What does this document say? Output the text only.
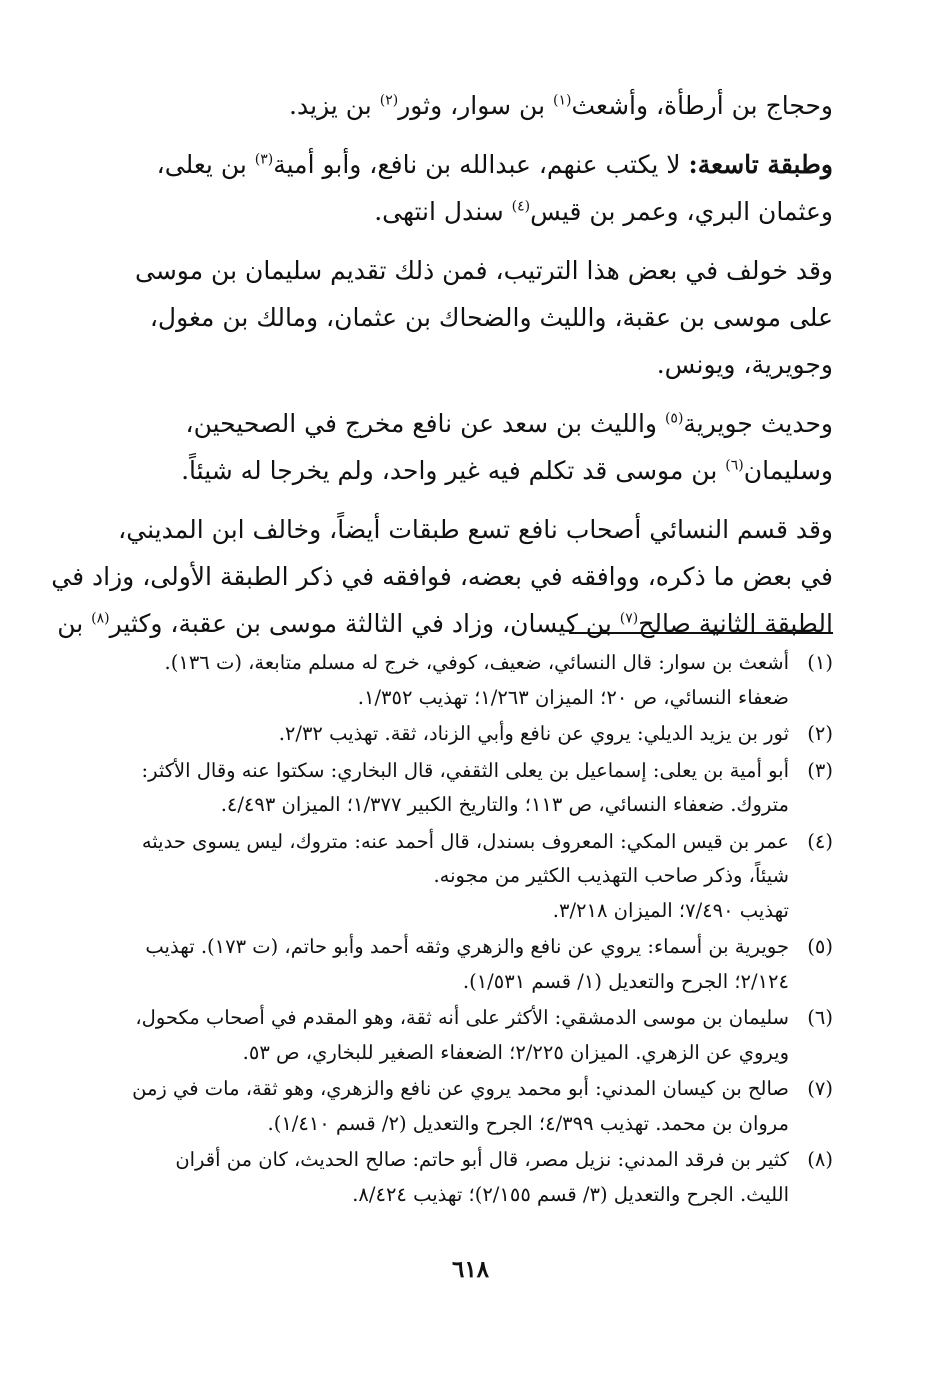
وحجاج بن أرطأة، وأشعث$^{(١)}$ بن سوار، وثور$^{(٢)}$ بن يزيد.

وطبقة تاسعة: لا يكتب عنهم، عبدالله بن نافع، وأبو أمية$^{(٣)}$ بن يعلى،
وعثمان البري، وعمر بن قيس$^{(٤)}$ سندل انتهى.

وقد خولف في بعض هذا الترتيب، فمن ذلك تقديم سليمان بن موسى
على موسى بن عقبة، والليث والضحاك بن عثمان، ومالك بن مغول،
وجويرية، ويونس.

وحديث جويرية$^{(٥)}$ والليث بن سعد عن نافع مخرج في الصحيحين،
وسليمان$^{(٦)}$ بن موسى قد تكلم فيه غير واحد، ولم يخرجا له شيئاً.

وقد قسم النسائي أصحاب نافع تسع طبقات أيضاً، وخالف ابن المديني،
في بعض ما ذكره، ووافقه في بعضه، فوافقه في ذكر الطبقة الأولى، وزاد في
الطبقة الثانية صالح$^{(٧)}$ بن كيسان، وزاد في الثالثة موسى بن عقبة، وكثير$^{(٨)}$ بن

(١)
أشعث بن سوار: قال النسائي، ضعيف، كوفي، خرج له مسلم متابعة، (ت ١٣٦).
ضعفاء النسائي، ص ٢٠؛ الميزان ١/٢٦٣؛ تهذيب ١/٣٥٢.
(٢)
ثور بن يزيد الديلي: يروي عن نافع وأبي الزناد، ثقة. تهذيب ٢/٣٢.
(٣)
أبو أمية بن يعلى: إسماعيل بن يعلى الثقفي، قال البخاري: سكتوا عنه وقال الأكثر:
متروك. ضعفاء النسائي، ص ١١٣؛ والتاريخ الكبير ١/٣٧٧؛ الميزان ٤/٤٩٣.
(٤)
عمر بن قيس المكي: المعروف بسندل، قال أحمد عنه: متروك، ليس يسوى حديثه
شيئاً، وذكر صاحب التهذيب الكثير من مجونه.
تهذيب ٧/٤٩٠؛ الميزان ٣/٢١٨.
(٥)
جويرية بن أسماء: يروي عن نافع والزهري وثقه أحمد وأبو حاتم، (ت ١٧٣). تهذيب
٢/١٢٤؛ الجرح والتعديل (١/ قسم ١/٥٣١).
(٦)
سليمان بن موسى الدمشقي: الأكثر على أنه ثقة، وهو المقدم في أصحاب مكحول،
ويروي عن الزهري. الميزان ٢/٢٢٥؛ الضعفاء الصغير للبخاري، ص ٥٣.
(٧)
صالح بن كيسان المدني: أبو محمد يروي عن نافع والزهري، وهو ثقة، مات في زمن
مروان بن محمد. تهذيب ٤/٣٩٩؛ الجرح والتعديل (٢/ قسم ١/٤١٠).
(٨)
كثير بن فرقد المدني: نزيل مصر، قال أبو حاتم: صالح الحديث، كان من أقران
الليث. الجرح والتعديل (٣/ قسم ٢/١٥٥)؛ تهذيب ٨/٤٢٤.
٦١٨
